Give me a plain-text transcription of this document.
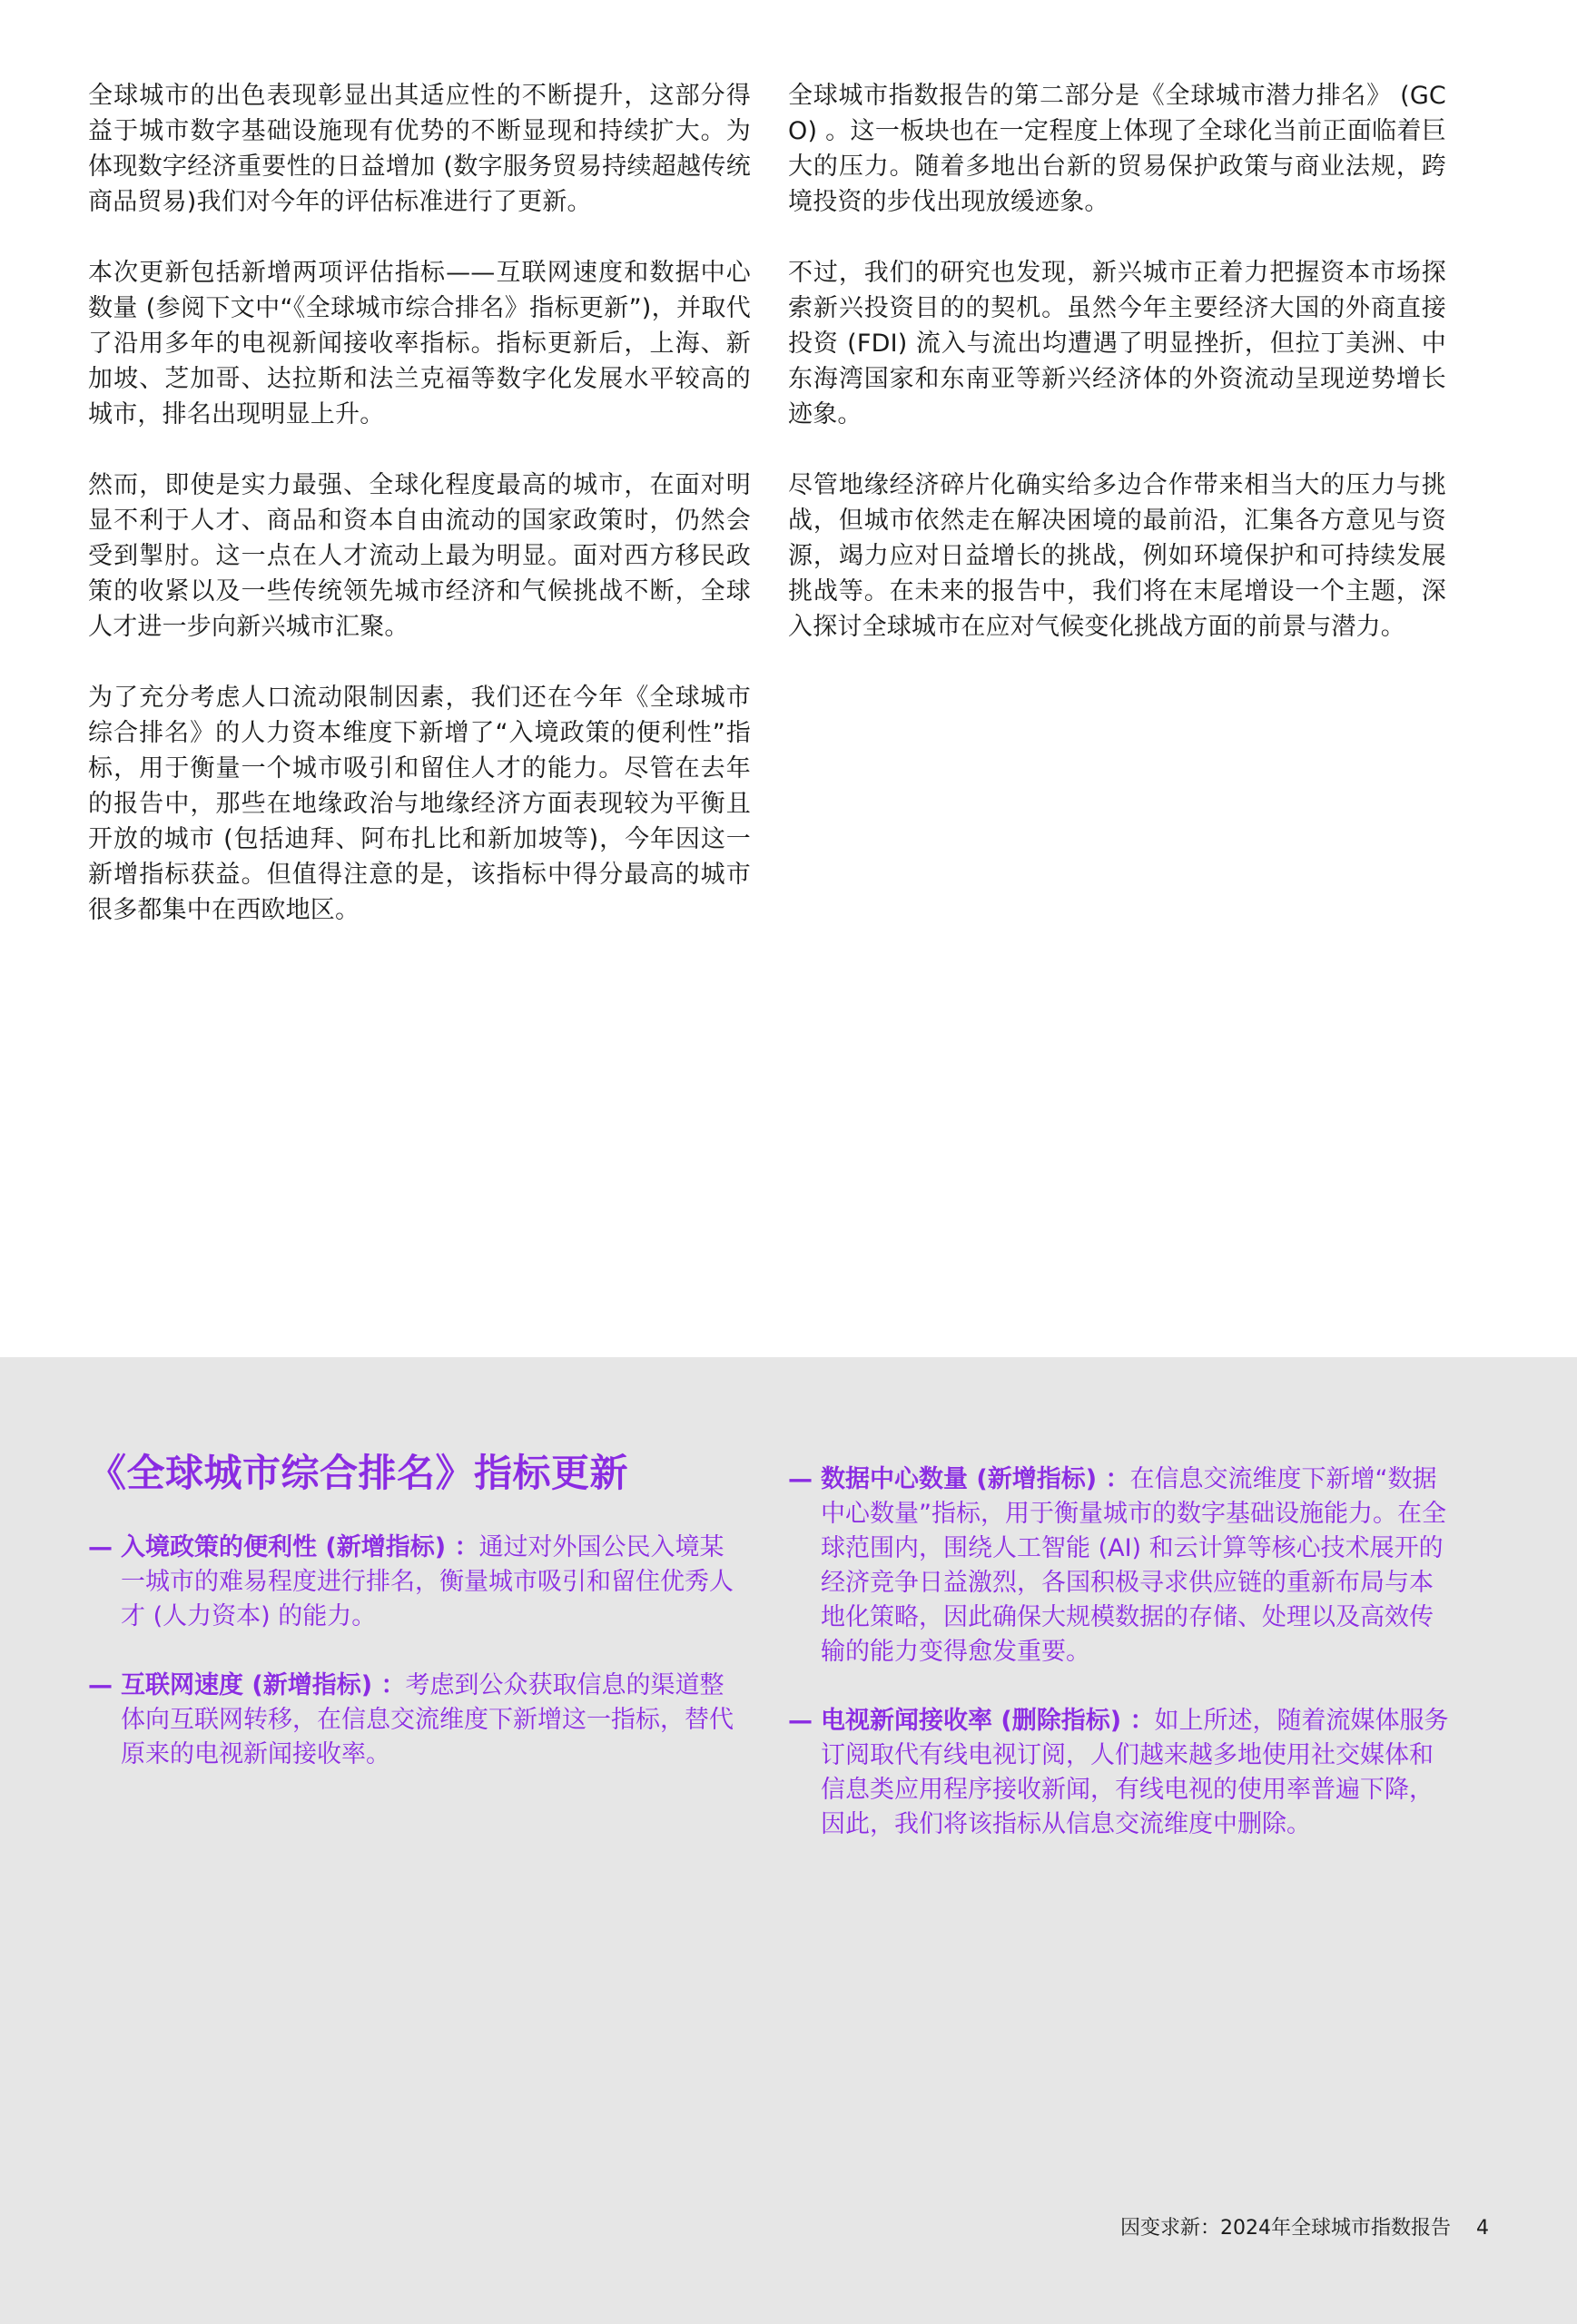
全球城市的出色表现彰显出其适应性的不断提升，这部分得益于城市数字基础设施现有优势的不断显现和持续扩大。为体现数字经济重要性的日益增加 (数字服务贸易持续超越传统商品贸易)我们对今年的评估标准进行了更新。

本次更新包括新增两项评估指标——互联网速度和数据中心数量 (参阅下文中“《全球城市综合排名》指标更新”)，并取代了沿用多年的电视新闻接收率指标。指标更新后，上海、新加坡、芝加哥、达拉斯和法兰克福等数字化发展水平较高的城市，排名出现明显上升。

然而，即使是实力最强、全球化程度最高的城市，在面对明显不利于人才、商品和资本自由流动的国家政策时，仍然会受到掣肘。这一点在人才流动上最为明显。面对西方移民政策的收紧以及一些传统领先城市经济和气候挑战不断，全球人才进一步向新兴城市汇聚。

为了充分考虑人口流动限制因素，我们还在今年《全球城市综合排名》的人力资本维度下新增了“入境政策的便利性”指标，用于衡量一个城市吸引和留住人才的能力。尽管在去年的报告中，那些在地缘政治与地缘经济方面表现较为平衡且开放的城市 (包括迪拜、阿布扎比和新加坡等)，今年因这一新增指标获益。但值得注意的是，该指标中得分最高的城市很多都集中在西欧地区。

全球城市指数报告的第二部分是《全球城市潜力排名》 (GCO) 。这一板块也在一定程度上体现了全球化当前正面临着巨大的压力。随着多地出台新的贸易保护政策与商业法规，跨境投资的步伐出现放缓迹象。

不过，我们的研究也发现，新兴城市正着力把握资本市场探索新兴投资目的的契机。虽然今年主要经济大国的外商直接投资 (FDI) 流入与流出均遭遇了明显挫折，但拉丁美洲、中东海湾国家和东南亚等新兴经济体的外资流动呈现逆势增长迹象。

尽管地缘经济碎片化确实给多边合作带来相当大的压力与挑战，但城市依然走在解决困境的最前沿，汇集各方意见与资源，竭力应对日益增长的挑战，例如环境保护和可持续发展挑战等。在未来的报告中，我们将在末尾增设一个主题，深入探讨全球城市在应对气候变化挑战方面的前景与潜力。

《全球城市综合排名》指标更新
— 入境政策的便利性 (新增指标) ：通过对外国公民入境某一城市的难易程度进行排名，衡量城市吸引和留住优秀人才 (人力资本) 的能力。
— 互联网速度 (新增指标) ：考虑到公众获取信息的渠道整体向互联网转移，在信息交流维度下新增这一指标，替代原来的电视新闻接收率。
— 数据中心数量 (新增指标) ：在信息交流维度下新增“数据中心数量”指标，用于衡量城市的数字基础设施能力。在全球范围内，围绕人工智能 (AI) 和云计算等核心技术展开的经济竞争日益激烈，各国积极寻求供应链的重新布局与本地化策略，因此确保大规模数据的存储、处理以及高效传输的能力变得愈发重要。
— 电视新闻接收率 (删除指标) ：如上所述，随着流媒体服务订阅取代有线电视订阅，人们越来越多地使用社交媒体和信息类应用程序接收新闻，有线电视的使用率普遍下降，因此，我们将该指标从信息交流维度中删除。
因变求新：2024年全球城市指数报告 4
